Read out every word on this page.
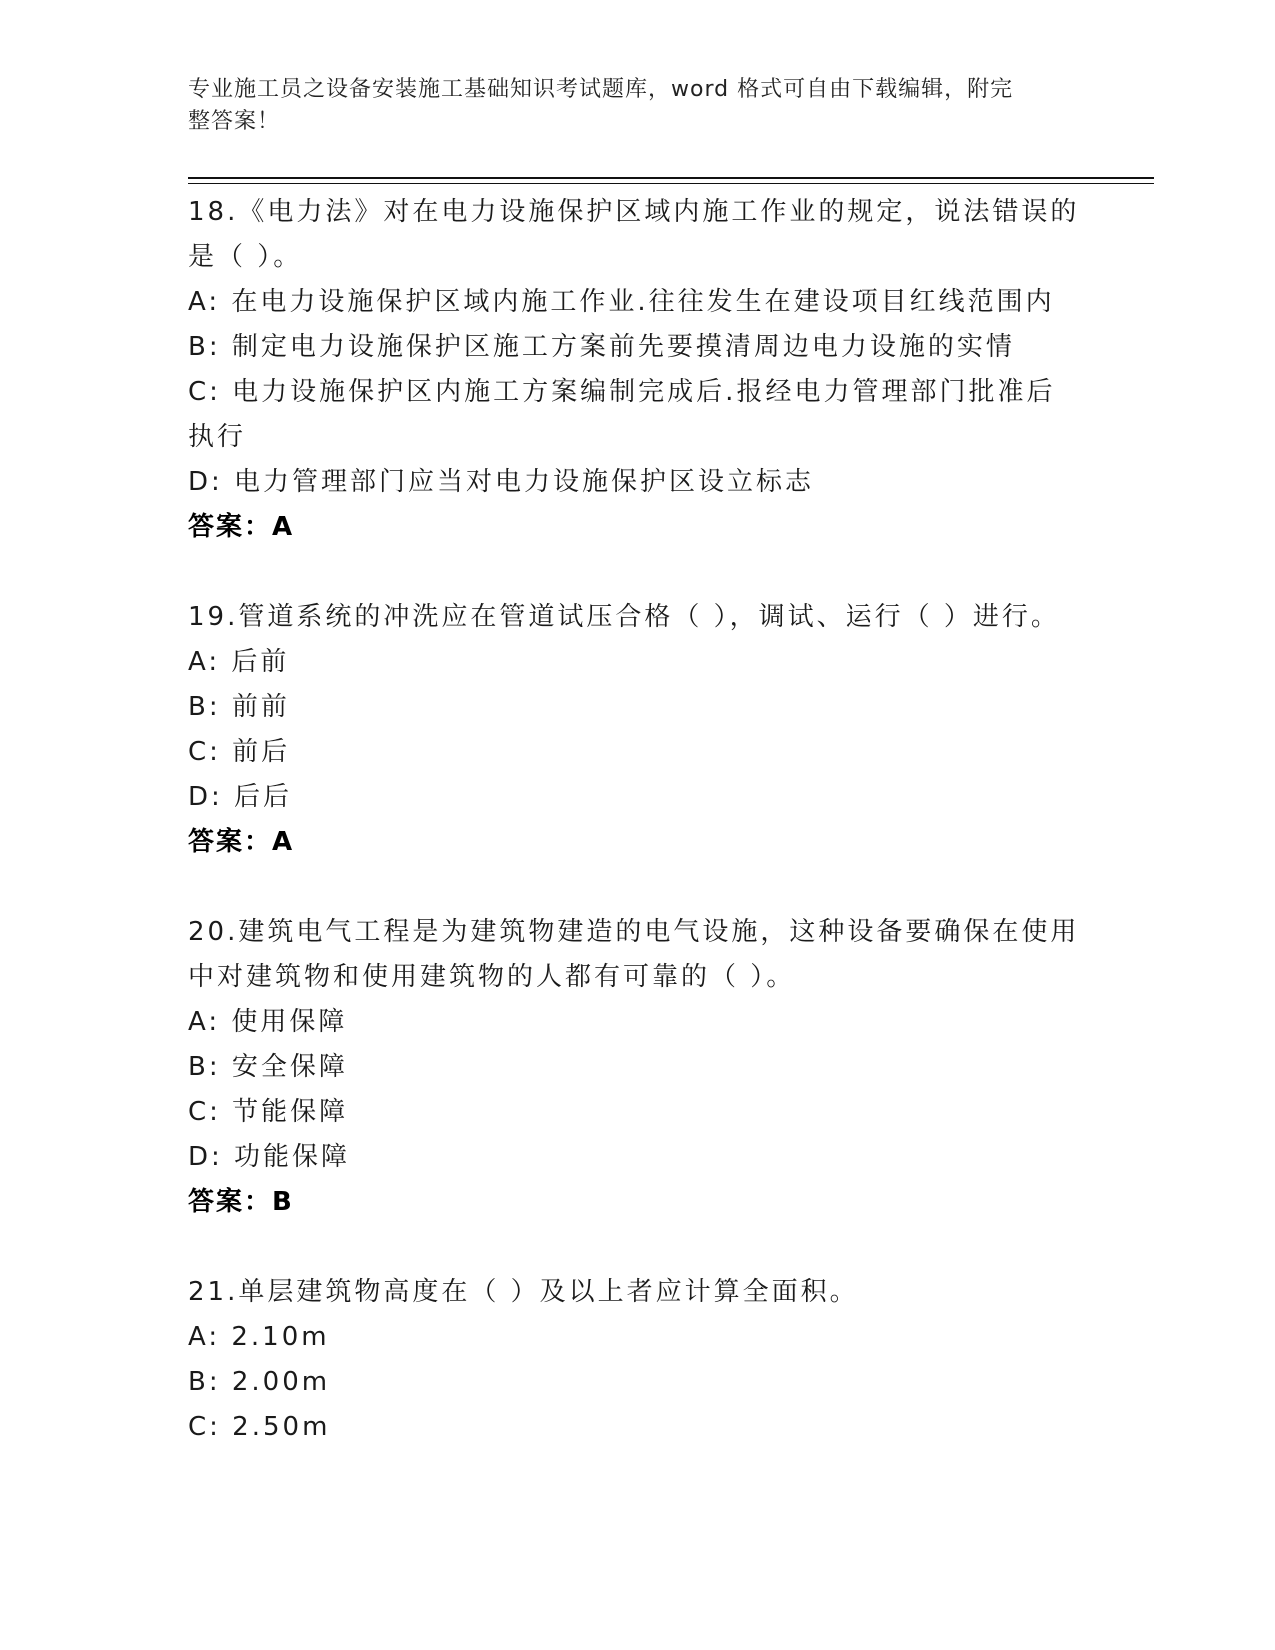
专业施工员之设备安装施工基础知识考试题库，word 格式可自由下载编辑，附完
整答案！

18.《电力法》对在电力设施保护区域内施工作业的规定，说法错误的

是（ ）。

A: 在电力设施保护区域内施工作业.往往发生在建设项目红线范围内

B: 制定电力设施保护区施工方案前先要摸清周边电力设施的实情

C: 电力设施保护区内施工方案编制完成后.报经电力管理部门批准后

执行

D: 电力管理部门应当对电力设施保护区设立标志

答案：A

19.管道系统的冲洗应在管道试压合格（ ），调试、运行（ ）进行。

A: 后前

B: 前前

C: 前后

D: 后后

答案：A

20.建筑电气工程是为建筑物建造的电气设施，这种设备要确保在使用

中对建筑物和使用建筑物的人都有可靠的（ ）。

A: 使用保障

B: 安全保障

C: 节能保障

D: 功能保障

答案：B

21.单层建筑物高度在（ ）及以上者应计算全面积。

A: 2.10m

B: 2.00m

C: 2.50m
